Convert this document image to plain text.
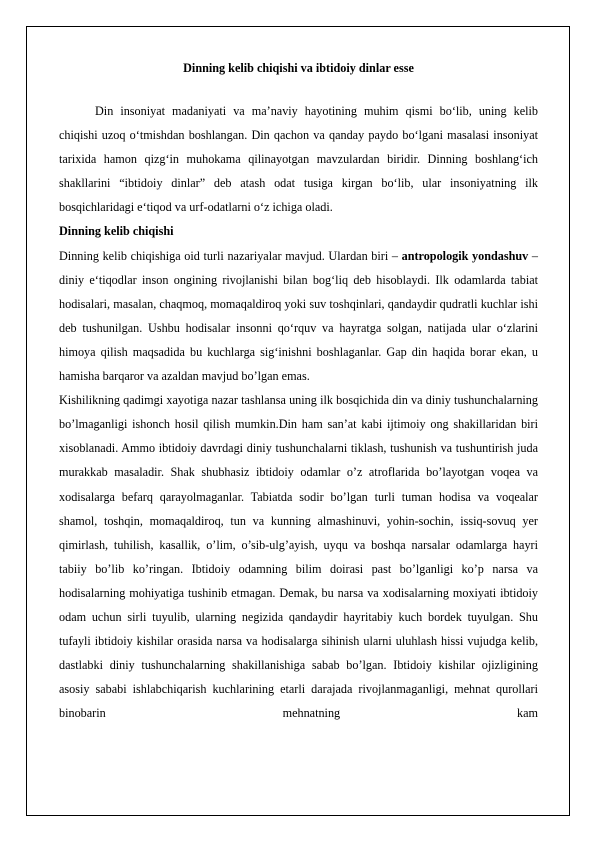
Dinning kelib chiqishi va ibtidoiy dinlar esse

Din insoniyat madaniyati va ma’naviy hayotining muhim qismi bo‘lib, uning kelib chiqishi uzoq o‘tmishdan boshlangan. Din qachon va qanday paydo bo‘lgani masalasi insoniyat tarixida hamon qizg‘in muhokama qilinayotgan mavzulardan biridir. Dinning boshlang‘ich shakllarini “ibtidoiy dinlar” deb atash odat tusiga kirgan bo‘lib, ular insoniyatning ilk bosqichlaridagi e‘tiqod va urf-odatlarni o‘z ichiga oladi.

Dinning kelib chiqishi

Dinning kelib chiqishiga oid turli nazariyalar mavjud. Ulardan biri – antropologik yondashuv – diniy e‘tiqodlar inson ongining rivojlanishi bilan bog‘liq deb hisoblaydi. Ilk odamlarda tabiat hodisalari, masalan, chaqmoq, momaqaldiroq yoki suv toshqinlari, qandaydir qudratli kuchlar ishi deb tushunilgan. Ushbu hodisalar insonni qo‘rquv va hayratga solgan, natijada ular o‘zlarini himoya qilish maqsadida bu kuchlarga sig‘inishni boshlaganlar. Gap din haqida borar ekan, u hamisha barqaror va azaldan mavjud bo’lgan emas.

Kishilikning qadimgi xayotiga nazar tashlansa uning ilk bosqichida din va diniy tushunchalarning bo’lmaganligi ishonch hosil qilish mumkin.Din ham san’at kabi ijtimoiy ong shakillaridan biri xisoblanadi. Ammo ibtidoiy davrdagi diniy tushunchalarni tiklash, tushunish va tushuntirish juda murakkab masaladir. Shak shubhasiz ibtidoiy odamlar o’z atroflarida bo’layotgan voqea va xodisalarga befarq qarayolmaganlar. Tabiatda sodir bo’lgan turli tuman hodisa va voqealar shamol, toshqin, momaqaldiroq, tun va kunning almashinuvi, yohin-sochin, issiq-sovuq yer qimirlash, tuhilish, kasallik, o’lim, o’sib-ulg’ayish, uyqu va boshqa narsalar odamlarga hayri tabiiy bo’lib ko’ringan. Ibtidoiy odamning bilim doirasi past bo’lganligi ko’p narsa va hodisalarning mohiyatiga tushinib etmagan. Demak, bu narsa va xodisalarning moxiyati ibtidoiy odam uchun sirli tuyulib, ularning negizida qandaydir hayritabiy kuch bordek tuyulgan. Shu tufayli ibtidoiy kishilar orasida narsa va hodisalarga sihinish ularni uluhlash hissi vujudga kelib, dastlabki diniy tushunchalarning shakillanishiga sabab bo’lgan. Ibtidoiy kishilar ojizligining asosiy sababi ishlabchiqarish kuchlarining etarli darajada rivojlanmaganligi, mehnat qurollari binobarin mehnatning kam
